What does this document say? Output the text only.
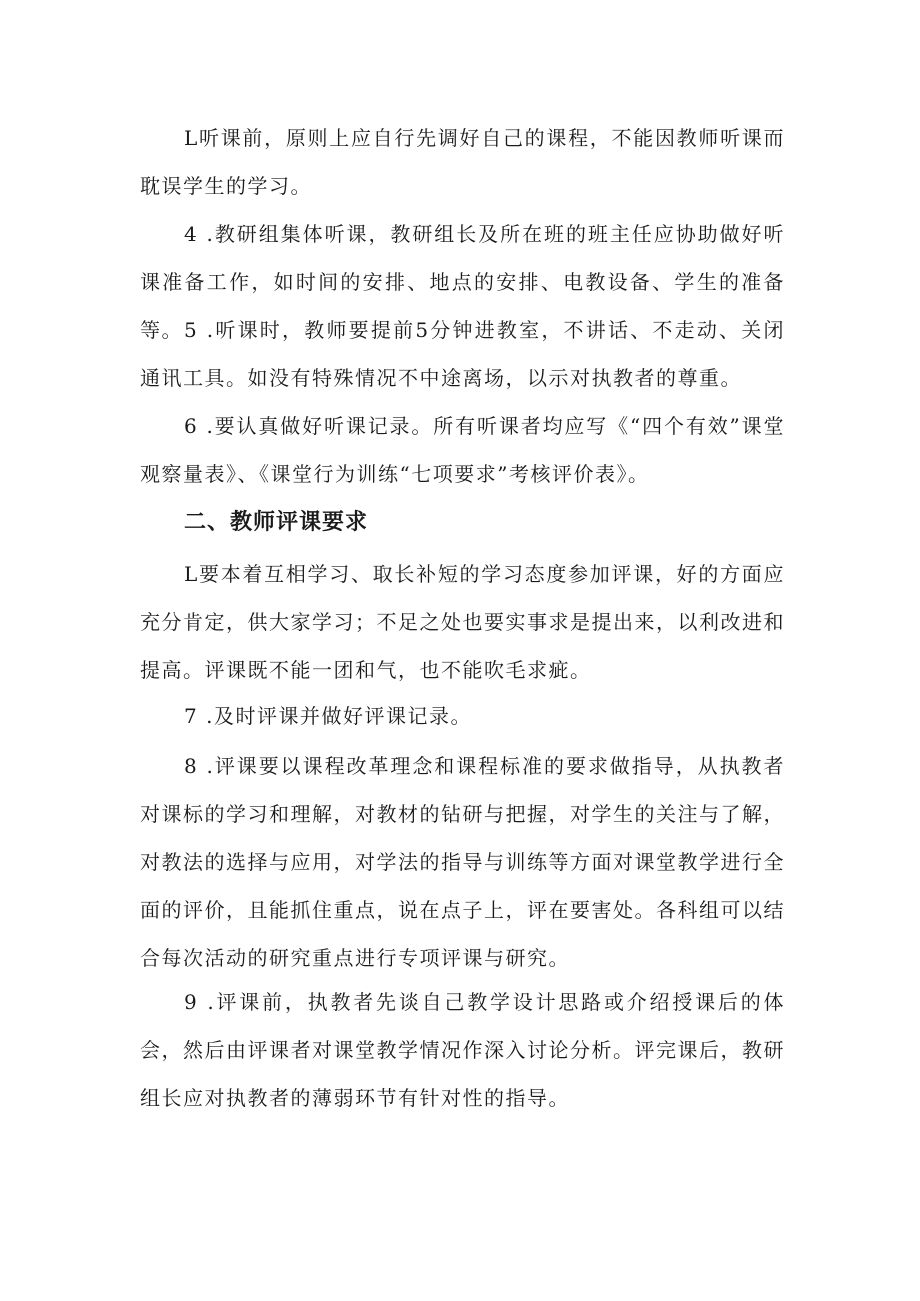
L听课前，原则上应自行先调好自己的课程，不能因教师听课而耽误学生的学习。

4 .教研组集体听课，教研组长及所在班的班主任应协助做好听课准备工作，如时间的安排、地点的安排、电教设备、学生的准备等。 5 .听课时，教师要提前5分钟进教室，不讲话、不走动、关闭通讯工具。如没有特殊情况不中途离场，以示对执教者的尊重。

6 .要认真做好听课记录。所有听课者均应写《“四个有效”课堂观察量表》、《课堂行为训练“七项要求”考核评价表》。

二、教师评课要求

L要本着互相学习、取长补短的学习态度参加评课，好的方面应充分肯定，供大家学习；不足之处也要实事求是提出来，以利改进和提高。评课既不能一团和气，也不能吹毛求疵。

7 .及时评课并做好评课记录。

8 .评课要以课程改革理念和课程标准的要求做指导，从执教者对课标的学习和理解，对教材的钻研与把握，对学生的关注与了解，对教法的选择与应用，对学法的指导与训练等方面对课堂教学进行全面的评价，且能抓住重点，说在点子上，评在要害处。各科组可以结合每次活动的研究重点进行专项评课与研究。

9 .评课前，执教者先谈自己教学设计思路或介绍授课后的体会，然后由评课者对课堂教学情况作深入讨论分析。评完课后，教研组长应对执教者的薄弱环节有针对性的指导。
